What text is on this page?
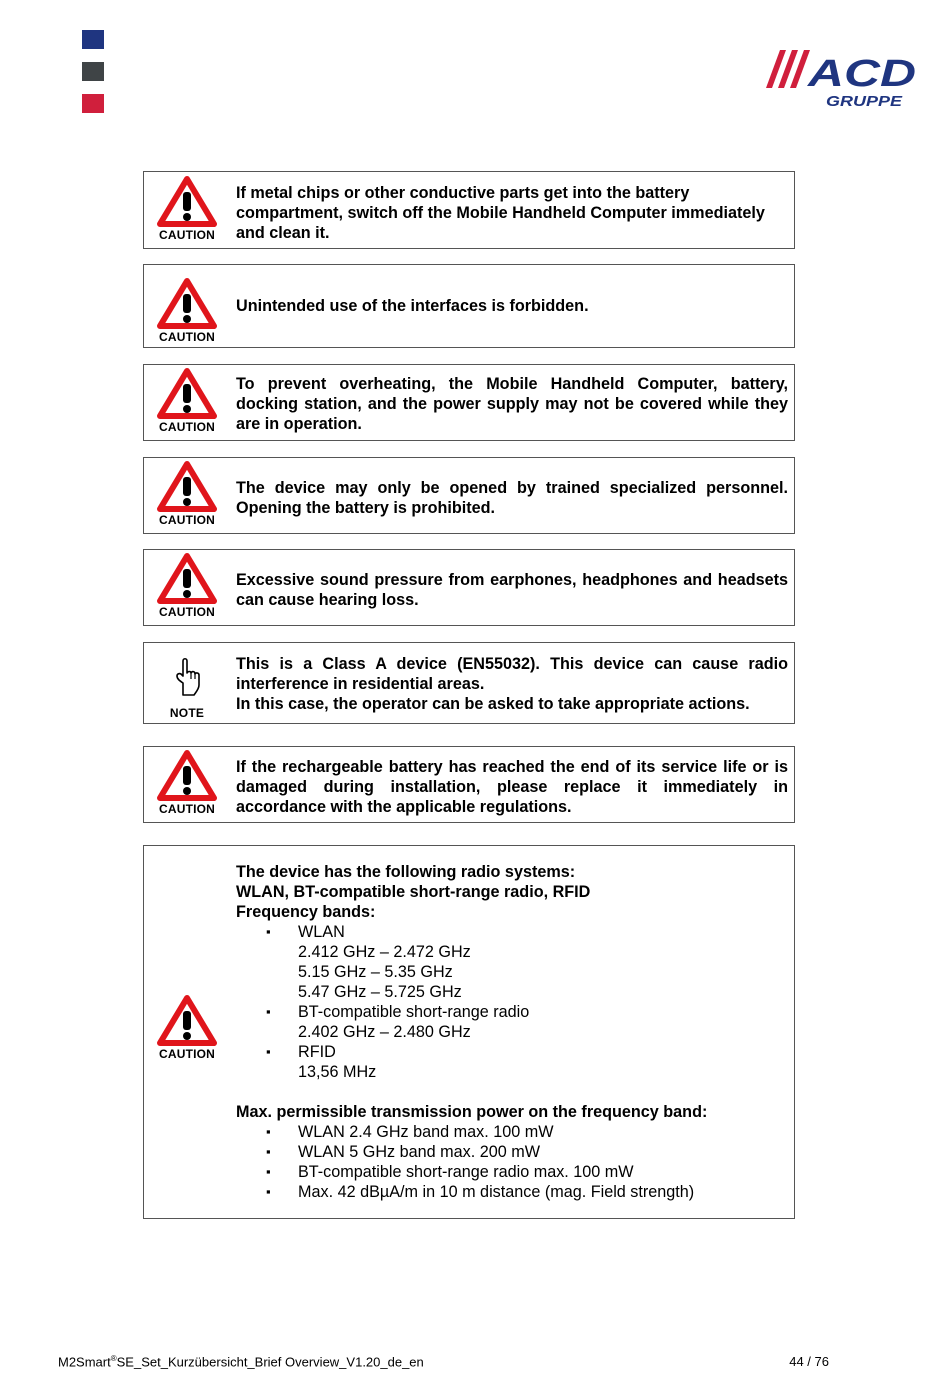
ACD
GRUPPE
CAUTION

If metal chips or other conductive parts get into the battery compartment, switch off the Mobile Handheld Computer immediately and clean it.

CAUTION

Unintended use of the interfaces is forbidden.

CAUTION

To prevent overheating, the Mobile Handheld Computer, battery, docking station, and the power supply may not be covered while they are in operation.

CAUTION

The device may only be opened by trained specialized personnel. Opening the battery is prohibited.

CAUTION

Excessive sound pressure from earphones, headphones and headsets can cause hearing loss.

NOTE

This is a Class A device (EN55032). This device can cause radio interference in residential areas.

In this case, the operator can be asked to take appropriate actions.

CAUTION

If the rechargeable battery has reached the end of its service life or is damaged during installation, please replace it immediately in accordance with the applicable regulations.

CAUTION

The device has the following radio systems:

WLAN, BT-compatible short-range radio, RFID

Frequency bands:

▪ WLAN
2.412 GHz – 2.472 GHz
5.15 GHz – 5.35 GHz
5.47 GHz – 5.725 GHz
▪ BT-compatible short-range radio
2.402 GHz – 2.480 GHz
▪ RFID
13,56 MHz

Max. permissible transmission power on the frequency band:

▪ WLAN 2.4 GHz band max. 100 mW
▪ WLAN 5 GHz band max. 200 mW
▪ BT-compatible short-range radio max. 100 mW
▪ Max. 42 dBµA/m in 10 m distance (mag. Field strength)
M2Smart®SE_Set_Kurzübersicht_Brief Overview_V1.20_de_en	44 / 76
